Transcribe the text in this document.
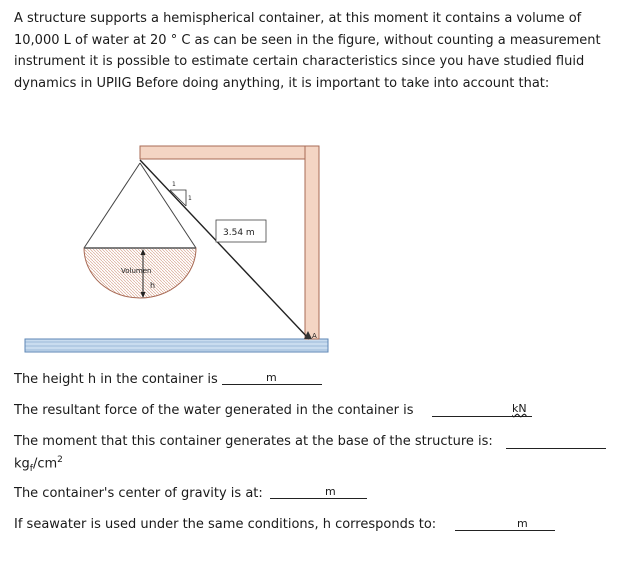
A structure supports a hemispherical container, at this moment it contains a volume of 10,000 L of water at 20 ° C as can be seen in the figure, without counting a measurement instrument it is possible to estimate certain characteristics since you have studied fluid dynamics in UPIIG Before doing anything, it is important to take into account that:

1
1
Volumen
h
3.54 m
A
The height h in the container is	m
The resultant force of the water generated in the container is	kN
The moment that this container generates at the base of the structure is:
$kg_f/cm^2$
The container's center of gravity is at:	m
If seawater is used under the same conditions, h corresponds to:	m
